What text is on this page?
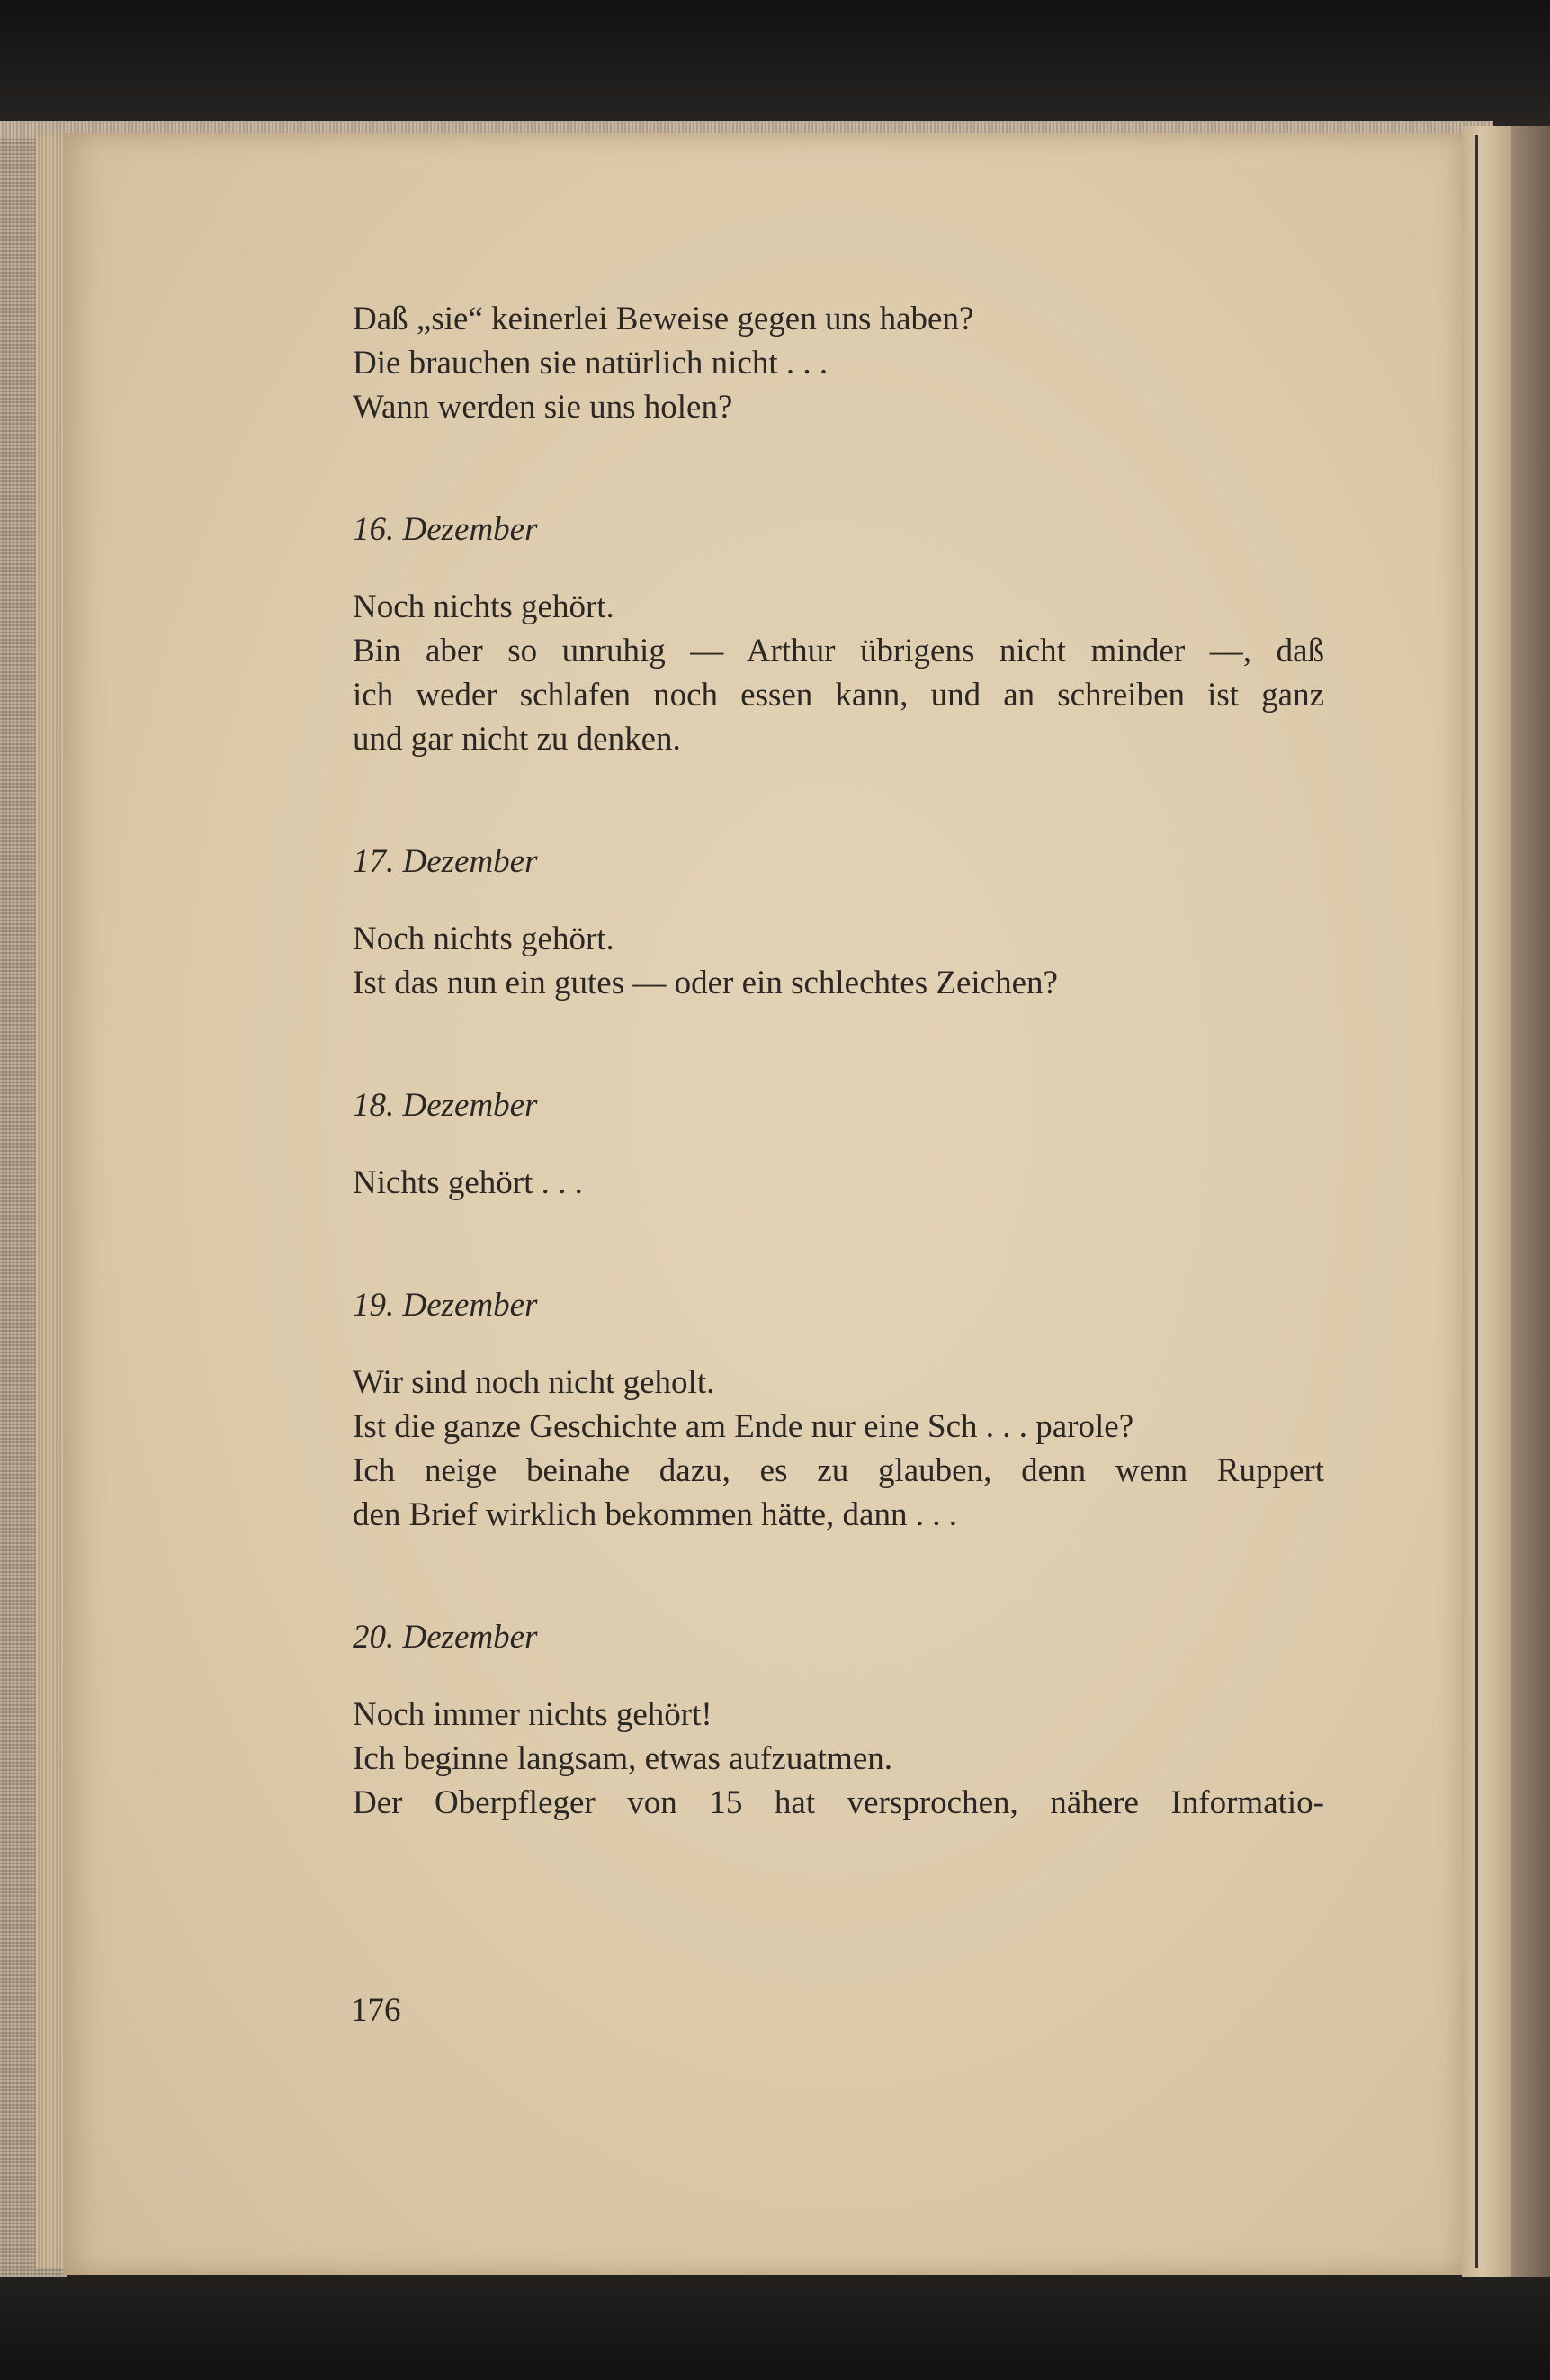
Daß „sie“ keinerlei Beweise gegen uns haben?
Die brauchen sie natürlich nicht . . .
Wann werden sie uns holen?
16. Dezember
Noch nichts gehört.
Bin aber so unruhig — Arthur übrigens nicht minder —, daß
ich weder schlafen noch essen kann, und an schreiben ist ganz
und gar nicht zu denken.
17. Dezember
Noch nichts gehört.
Ist das nun ein gutes — oder ein schlechtes Zeichen?
18. Dezember
Nichts gehört . . .
19. Dezember
Wir sind noch nicht geholt.
Ist die ganze Geschichte am Ende nur eine Sch . . . parole?
Ich neige beinahe dazu, es zu glauben, denn wenn Ruppert
den Brief wirklich bekommen hätte, dann . . .
20. Dezember
Noch immer nichts gehört!
Ich beginne langsam, etwas aufzuatmen.
Der Oberpfleger von 15 hat versprochen, nähere Informatio-
176
